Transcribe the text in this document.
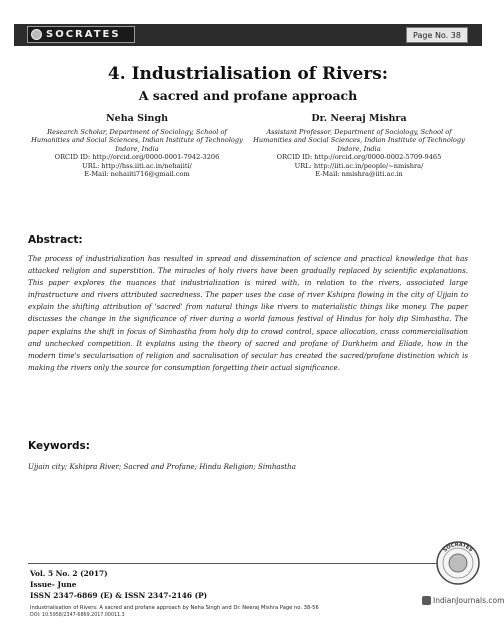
SOCRATES	Page No. 38
4. Industrialisation of Rivers:
A sacred and profane approach
Neha Singh
Research Scholar, Department of Sociology, School of Humanities and Social Sciences, Indian Institute of Technology Indore, India
ORCID ID: http://orcid.org/0000-0001-7942-3206
URL: http://hss.iiti.ac.in/nehaiiti/
E-Mail: nehaiiti716@gmail.com
Dr. Neeraj Mishra
Assistant Professor, Department of Sociology, School of Humanities and Social Sciences, Indian Institute of Technology Indore, India
ORCID ID: http://orcid.org/0000-0002-5709-9465
URL: http://iiti.ac.in/people/~nmishra/
E-Mail: nmishra@iiti.ac.in
Abstract:
The process of industrialization has resulted in spread and dissemination of science and practical knowledge that has attacked religion and superstition. The miracles of holy rivers have been gradually replaced by scientific explanations. This paper explores the nuances that industrialization is mired with, in relation to the rivers, associated large infrastructure and rivers attributed sacredness. The paper uses the case of river Kshipra flowing in the city of Ujjain to explain the shifting attribution of 'sacred' from natural things like rivers to materialistic things like money. The paper discusses the change in the significance of river during a world famous festival of Hindus for holy dip Simhastha. The paper explains the shift in focus of Simhastha from holy dip to crowd control, space allocation, crass commercialisation and unchecked competition. It explains using the theory of sacred and profane of Durkheim and Eliade, how in the modern time's secularisation of religion and sacralisation of secular has created the sacred/profane distinction which is making the rivers only the source for consumption forgetting their actual significance.
Keywords:
Ujjain city; Kshipra River; Sacred and Profane; Hindu Religion; Simhastha
Vol. 5 No. 2 (2017)
Issue- June
ISSN 2347-6869 (E) & ISSN 2347-2146 (P)
Industrialisation of Rivers: A sacred and profane approach by Neha Singh and Dr. Neeraj Mishra Page no. 38-56
DOI: 10.5958/2347-6869.2017.00011.3
SOCRATES
IndianJournals.com
